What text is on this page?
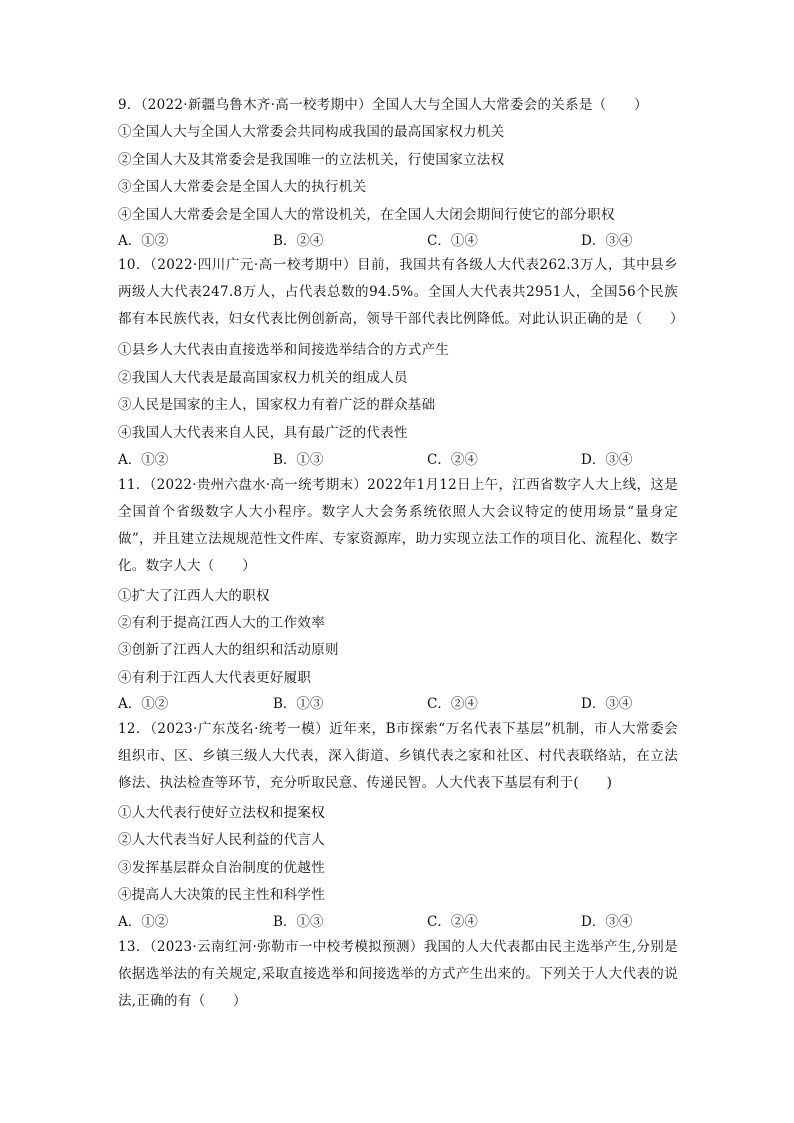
9．（2022·新疆乌鲁木齐·高一校考期中）全国人大与全国人大常委会的关系是（　　）
①全国人大与全国人大常委会共同构成我国的最高国家权力机关
②全国人大及其常委会是我国唯一的立法机关，行使国家立法权
③全国人大常委会是全国人大的执行机关
④全国人大常委会是全国人大的常设机关，在全国人大闭会期间行使它的部分职权
A．①②	B．②④	C．①④	D．③④
10．（2022·四川广元·高一校考期中）目前，我国共有各级人大代表262.3万人，其中县乡两级人大代表247.8万人，占代表总数的94.5%。全国人大代表共2951人，全国56个民族都有本民族代表，妇女代表比例创新高，领导干部代表比例降低。对此认识正确的是（　　）
①县乡人大代表由直接选举和间接选举结合的方式产生
②我国人大代表是最高国家权力机关的组成人员
③人民是国家的主人，国家权力有着广泛的群众基础
④我国人大代表来自人民，具有最广泛的代表性
A．①②	B．①③	C．②④	D．③④
11．（2022·贵州六盘水·高一统考期末）2022年1月12日上午，江西省数字人大上线，这是全国首个省级数字人大小程序。数字人大会务系统依照人大会议特定的使用场景“量身定做”，并且建立法规规范性文件库、专家资源库，助力实现立法工作的项目化、流程化、数字化。数字人大（　　）
①扩大了江西人大的职权
②有利于提高江西人大的工作效率
③创新了江西人大的组织和活动原则
④有利于江西人大代表更好履职
A．①②	B．①③	C．②④	D．③④
12．（2023·广东茂名·统考一模）近年来，B市探索“万名代表下基层”机制，市人大常委会组织市、区、乡镇三级人大代表，深入街道、乡镇代表之家和社区、村代表联络站，在立法修法、执法检查等环节，充分听取民意、传递民智。人大代表下基层有利于(　　)
①人大代表行使好立法权和提案权
②人大代表当好人民利益的代言人
③发挥基层群众自治制度的优越性
④提高人大决策的民主性和科学性
A．①②	B．①③	C．②④	D．③④
13．（2023·云南红河·弥勒市一中校考模拟预测）我国的人大代表都由民主选举产生,分别是依据选举法的有关规定,采取直接选举和间接选举的方式产生出来的。下列关于人大代表的说法,正确的有（　　）
